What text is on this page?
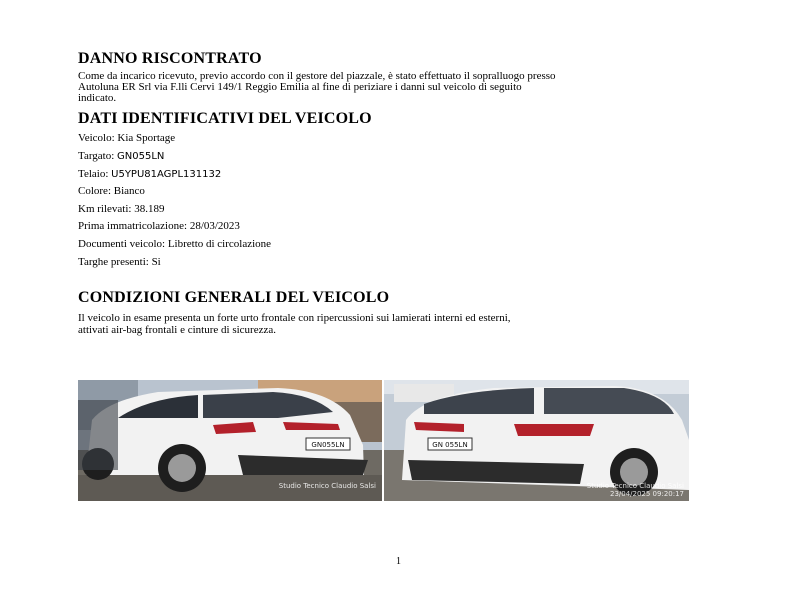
DANNO RISCONTRATO

Come da incarico ricevuto, previo accordo con il gestore del piazzale, è stato effettuato il sopralluogo presso

Autoluna ER Srl via F.lli Cervi 149/1 Reggio Emilia al fine di periziare i danni sul veicolo di seguito

indicato.

DATI IDENTIFICATIVI DEL VEICOLO
Veicolo: Kia Sportage
Targato: GN055LN
Telaio: U5YPU81AGPL131132
Colore: Bianco
Km rilevati: 38.189
Prima immatricolazione: 28/03/2023
Documenti veicolo: Libretto di circolazione
Targhe presenti: Si
CONDIZIONI GENERALI DEL VEICOLO

Il veicolo in esame presenta un forte urto frontale con ripercussioni sui lamierati interni ed esterni,

attivati air-bag frontali e cinture di sicurezza.

GN055LN
Studio Tecnico Claudio Salsi
GN 055LN
Studio Tecnico Claudio Salsi
23/04/2025 09:20:17
1
